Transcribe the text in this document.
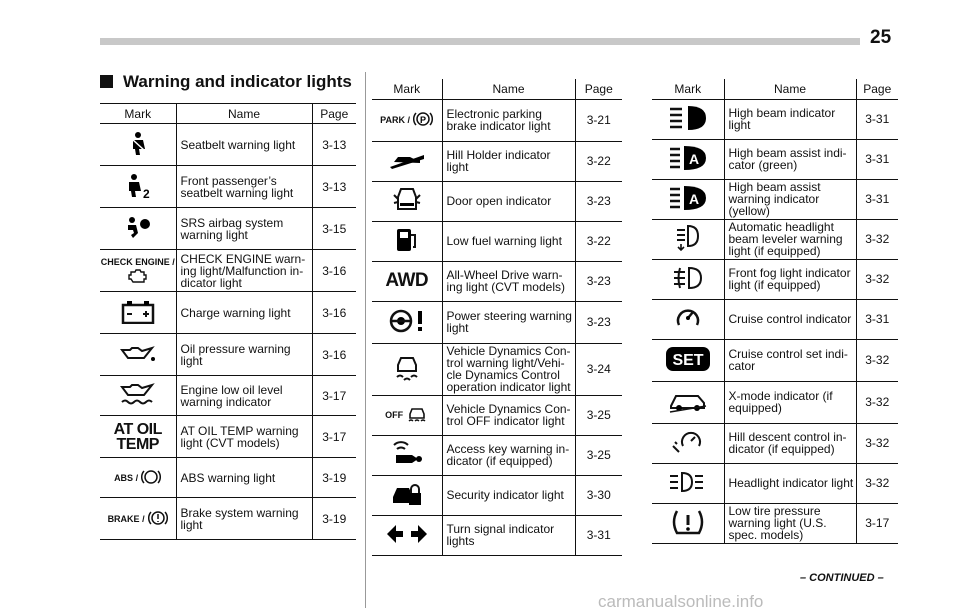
25
Warning and indicator lights
Mark	Name	Page
	Seatbelt warning light	3-13

2	Front passenger’s seatbelt warning light	3-13
	SRS airbag system warning light	3-15
CHECK ENGINE /	CHECK ENGINE warn-ing light/Malfunction in-dicator light	3-16
	Charge warning light	3-16
	Oil pressure warning light	3-16
	Engine low oil level warning indicator	3-17
AT OIL TEMP	AT OIL TEMP warning light (CVT models)	3-17
ABS /	ABS warning light	3-19
BRAKE /	Brake system warning light	3-19
Mark	Name	Page
PARK / P	Electronic parking brake indicator light	3-21
	Hill Holder indicator light	3-22
	Door open indicator	3-23
	Low fuel warning light	3-22
AWD	All-Wheel Drive warn-ing light (CVT models)	3-23
	Power steering warning light	3-23
	Vehicle Dynamics Con-trol warning light/Vehi-cle Dynamics Control operation indicator light	3-24
OFF	Vehicle Dynamics Con-trol OFF indicator light	3-25
	Access key warning in-dicator (if equipped)	3-25
	Security indicator light	3-30
	Turn signal indicator lights	3-31
Mark	Name	Page
	High beam indicator light	3-31

A	High beam assist indi-cator (green)	3-31

A	High beam assist warning indicator (yellow)	3-31
	Automatic headlight beam leveler warning light (if equipped)	3-32
	Front fog light indicator light (if equipped)	3-32
	Cruise control indicator	3-31

SET	Cruise control set indi-cator	3-32
	X-mode indicator (if equipped)	3-32
	Hill descent control in-dicator (if equipped)	3-32
	Headlight indicator light	3-32
	Low tire pressure warning light (U.S. spec. models)	3-17
– CONTINUED –
carmanualsonline.info
